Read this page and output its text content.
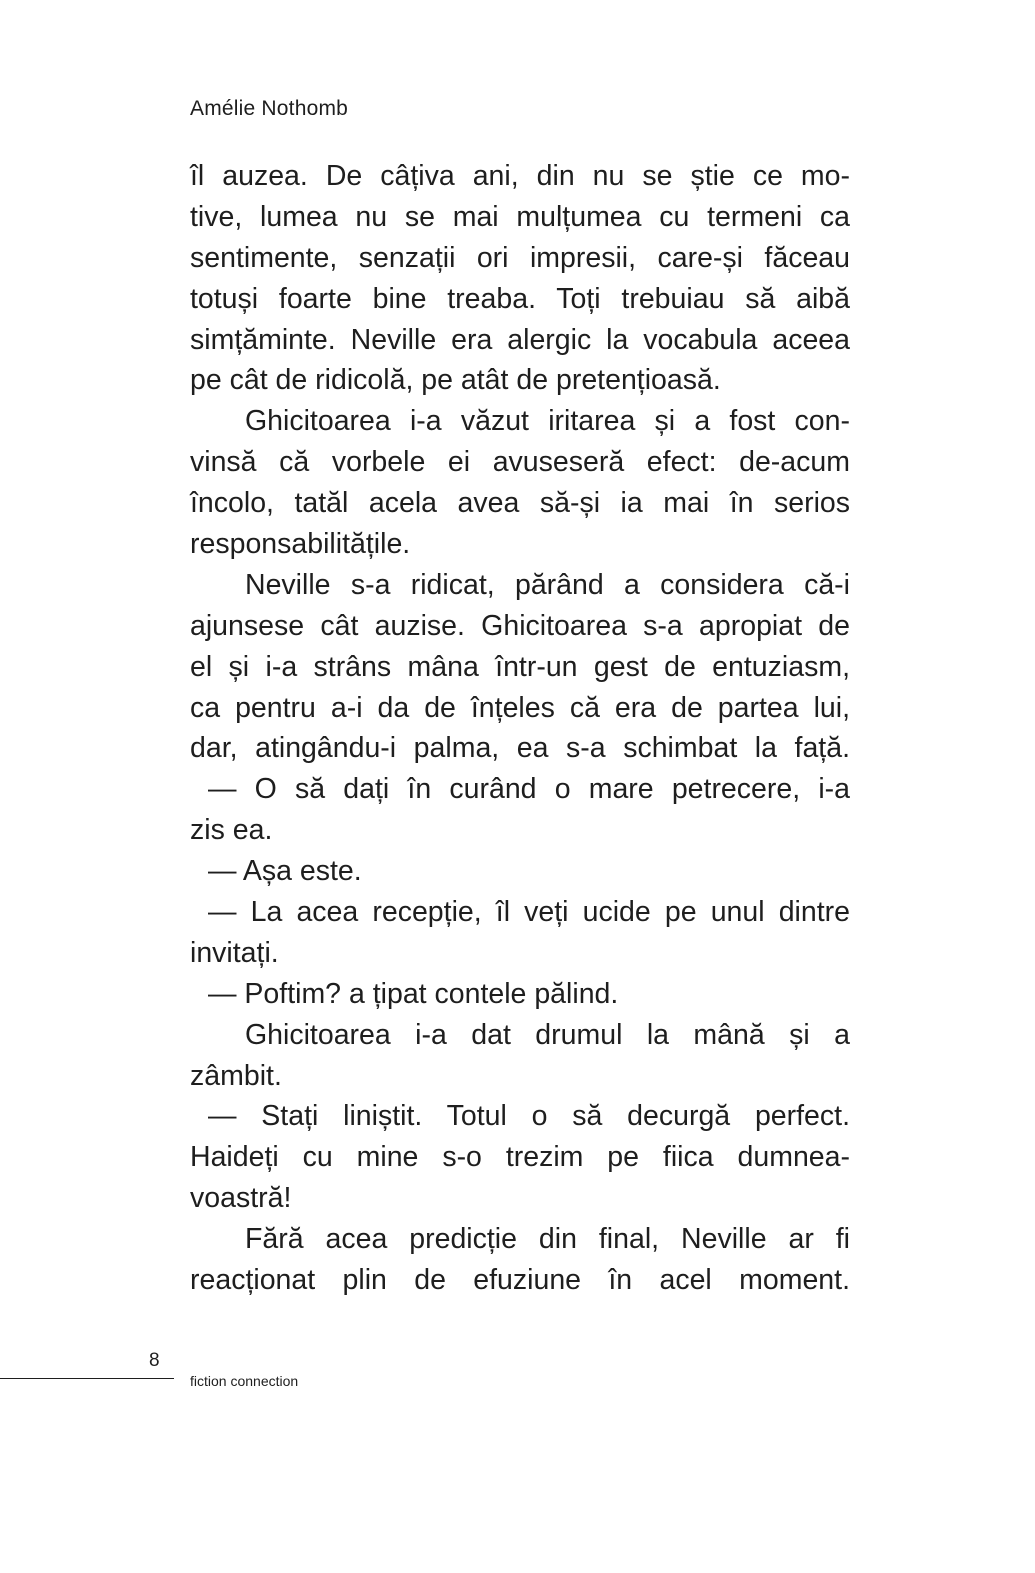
Amélie Nothomb
îl auzea. De câțiva ani, din nu se știe ce mo-
tive, lumea nu se mai mulțumea cu termeni ca
sentimente, senzații ori impresii, care-și făceau
totuși foarte bine treaba. Toți trebuiau să aibă
simțăminte. Neville era alergic la vocabula aceea
pe cât de ridicolă, pe atât de pretențioasă.
Ghicitoarea i-a văzut iritarea și a fost con-
vinsă că vorbele ei avuseseră efect: de-acum
încolo, tatăl acela avea să-și ia mai în serios
responsabilitățile.
Neville s-a ridicat, părând a considera că-i
ajunsese cât auzise. Ghicitoarea s-a apropiat de
el și i-a strâns mâna într-un gest de entuziasm,
ca pentru a-i da de înțeles că era de partea lui,
dar, atingându-i palma, ea s-a schimbat la față.
— O să dați în curând o mare petrecere, i-a
zis ea.
— Așa este.
— La acea recepție, îl veți ucide pe unul dintre
invitați.
— Poftim? a țipat contele pălind.
Ghicitoarea i-a dat drumul la mână și a
zâmbit.
— Stați liniștit. Totul o să decurgă perfect.
Haideți cu mine s-o trezim pe fiica dumnea-
voastră!
Fără acea predicție din final, Neville ar fi
reacționat plin de efuziune în acel moment.
8
fiction connection
